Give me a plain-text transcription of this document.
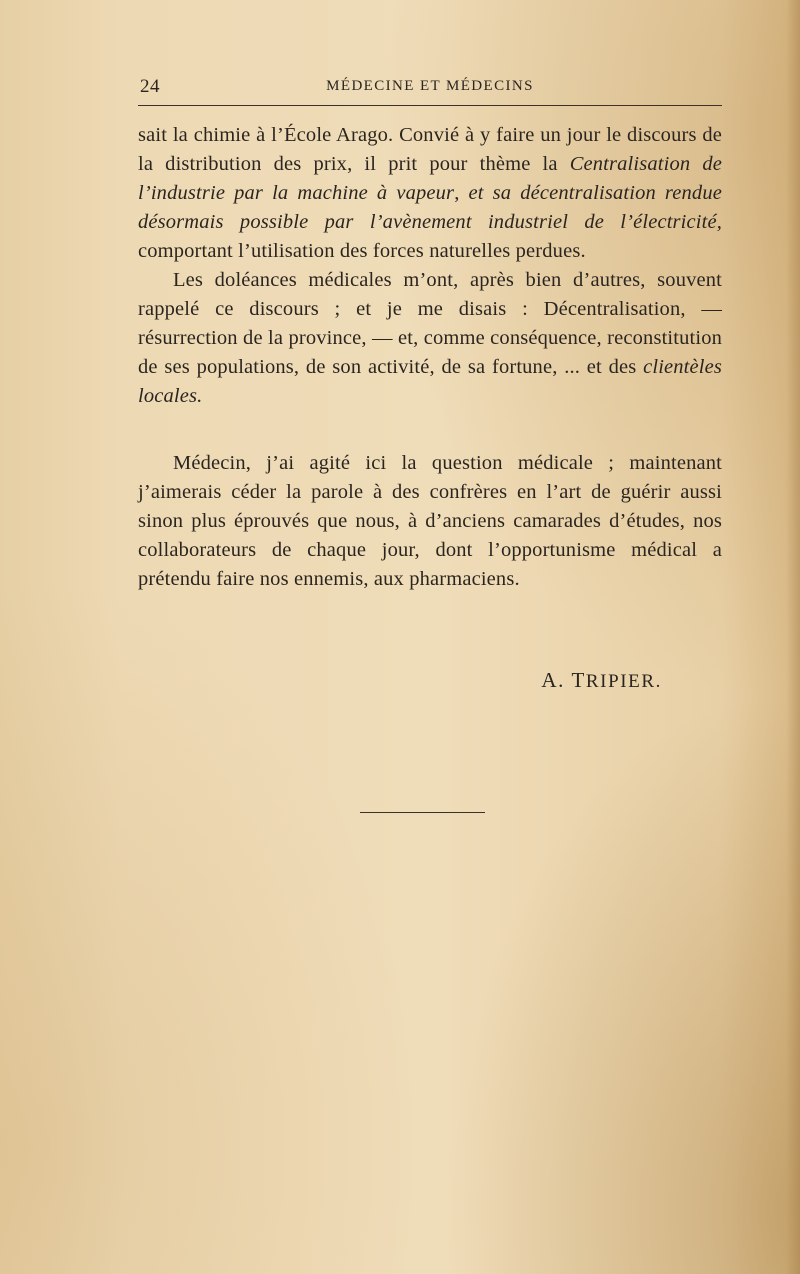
24	MÉDECINE ET MÉDECINS

sait la chimie à l’École Arago. Convié à y faire un jour le discours de la distribution des prix, il prit pour thème la Centralisation de l’industrie par la machine à vapeur, et sa décentralisation rendue désormais possible par l’avènement industriel de l’électricité, comportant l’utilisation des forces naturelles perdues.

Les doléances médicales m’ont, après bien d’autres, souvent rappelé ce discours ; et je me disais : Décentralisation, — résurrection de la province, — et, comme conséquence, reconstitution de ses populations, de son activité, de sa fortune, ... et des clientèles locales.

Médecin, j’ai agité ici la question médicale ; maintenant j’aimerais céder la parole à des confrères en l’art de guérir aussi sinon plus éprouvés que nous, à d’anciens camarades d’études, nos collaborateurs de chaque jour, dont l’opportunisme médical a prétendu faire nos ennemis, aux pharmaciens.

A. TRIPIER.
